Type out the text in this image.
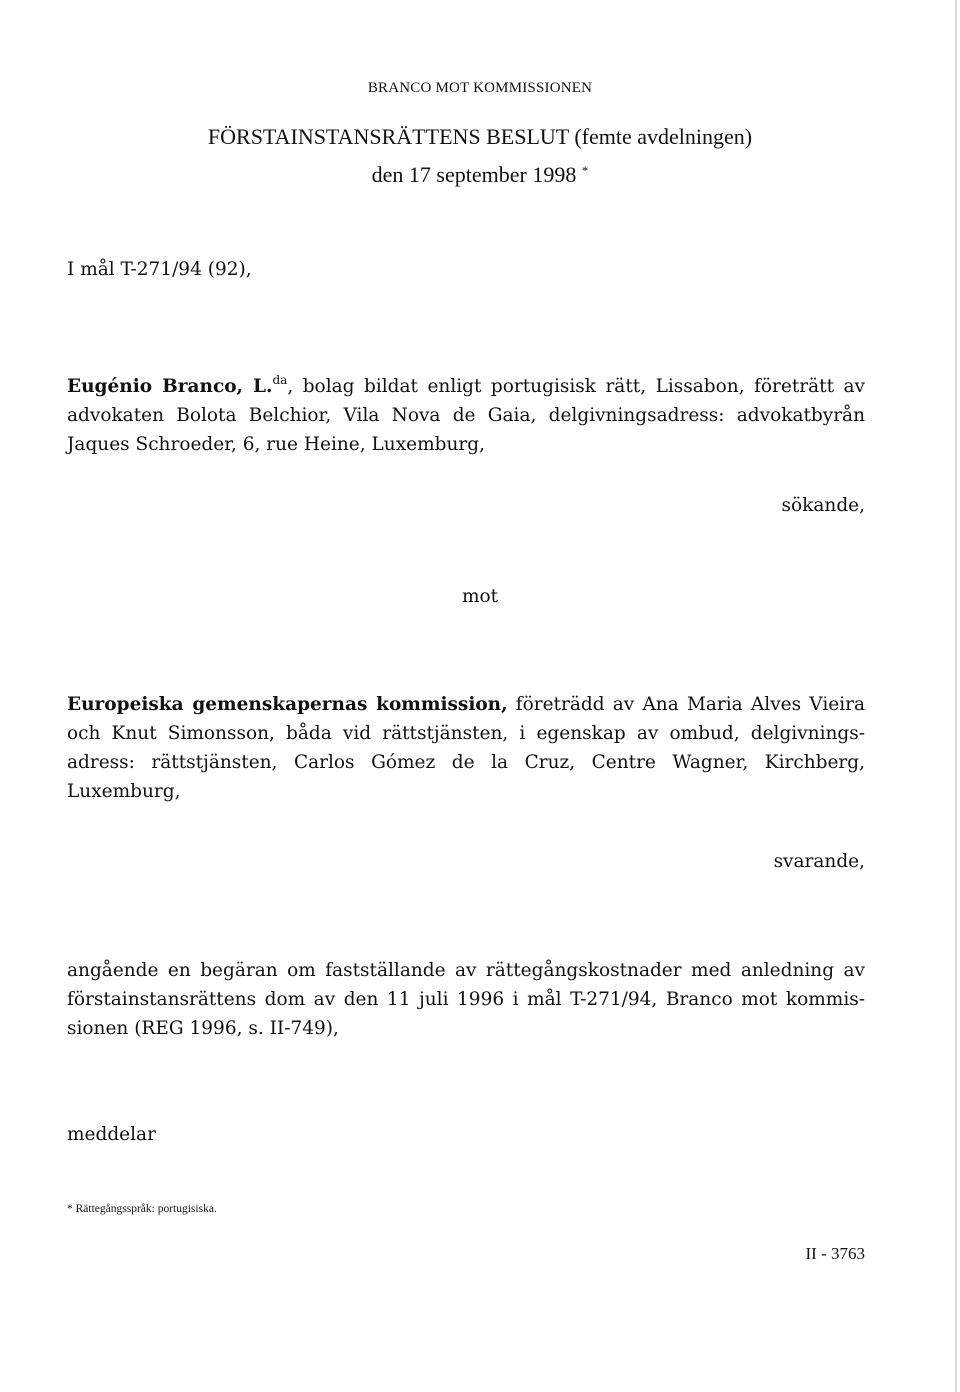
BRANCO MOT KOMMISSIONEN
FÖRSTAINSTANSRÄTTENS BESLUT (femte avdelningen)
den 17 september 1998 *
I mål T-271/94 (92),
Eugénio Branco, L.$^{da}$, bolag bildat enligt portugisisk rätt, Lissabon, företrätt av
advokaten Bolota Belchior, Vila Nova de Gaia, delgivningsadress: advokatbyrån
Jaques Schroeder, 6, rue Heine, Luxemburg,
sökande,
mot
Europeiska gemenskapernas kommission, företrädd av Ana Maria Alves Vieira
och Knut Simonsson, båda vid rättstjänsten, i egenskap av ombud, delgivnings-
adress: rättstjänsten, Carlos Gómez de la Cruz, Centre Wagner, Kirchberg,
Luxemburg,
svarande,
angående en begäran om fastställande av rättegångskostnader med anledning av
förstainstansrättens dom av den 11 juli 1996 i mål T-271/94, Branco mot kommis-
sionen (REG 1996, s. II-749),
meddelar
* Rättegångsspråk: portugisiska.
II - 3763
